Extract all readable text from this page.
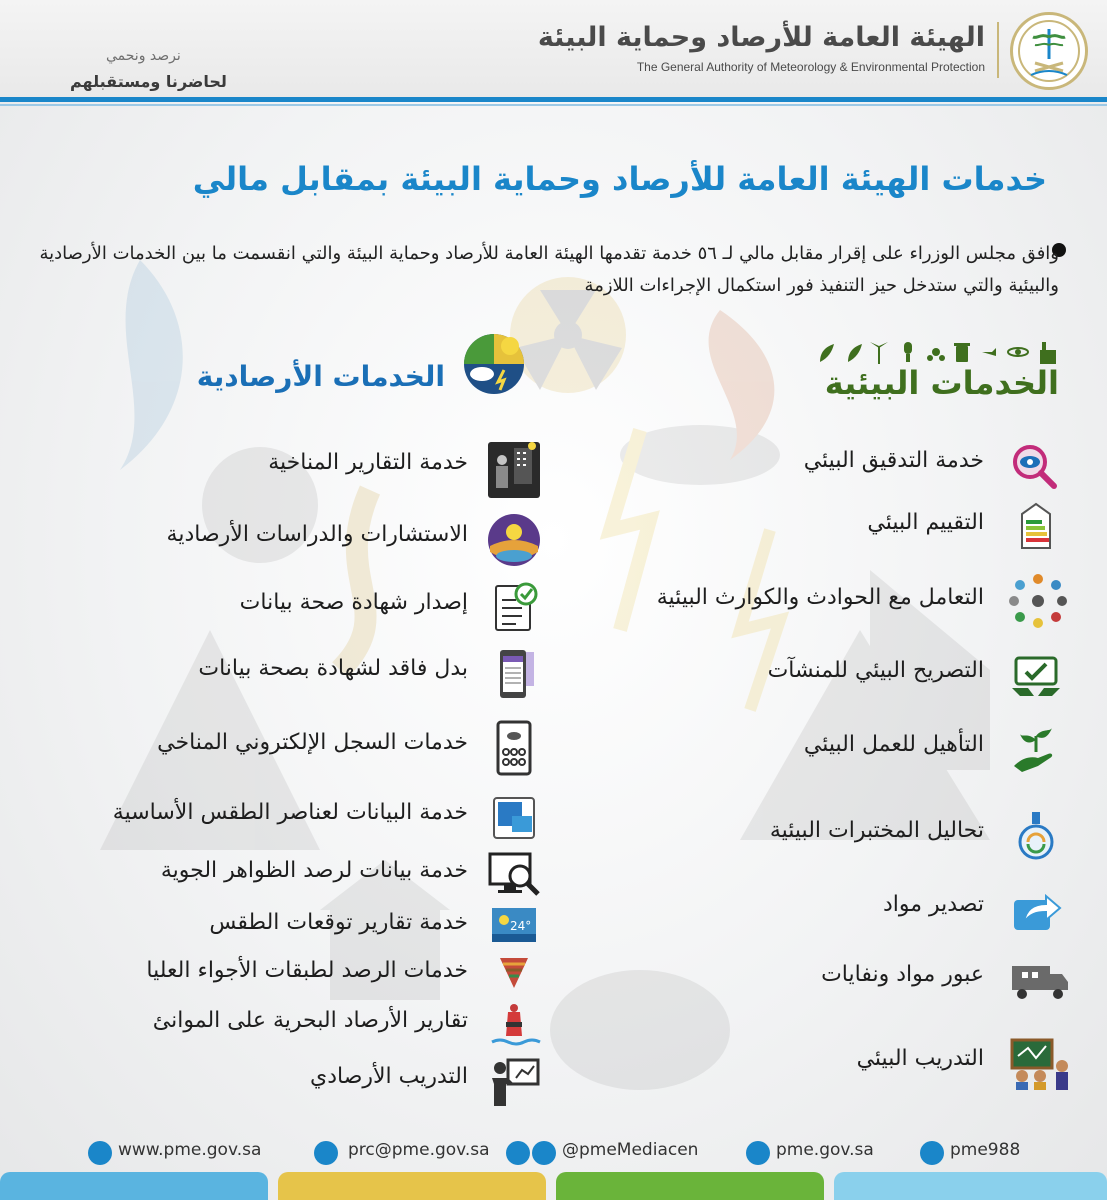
الهيئة العامة للأرصاد وحماية البيئة
The General Authority of Meteorology & Environmental Protection
نرصد ونحمي
لحاضرنا ومستقبلهم
خدمات الهيئة العامة للأرصاد وحماية البيئة بمقابل مالي
وافق مجلس الوزراء على إقرار مقابل مالي لـ ٥٦ خدمة تقدمها الهيئة العامة للأرصاد وحماية البيئة والتي انقسمت ما بين الخدمات الأرصادية والبيئية والتي ستدخل حيز التنفيذ فور استكمال الإجراءات اللازمة
الخدمات البيئية
الخدمات الأرصادية
خدمة التدقيق البيئي
التقييم البيئي
التعامل مع الحوادث والكوارث البيئية
التصريح البيئي للمنشآت
التأهيل للعمل البيئي
تحاليل المختبرات البيئية
تصدير مواد
عبور مواد ونفايات
التدريب البيئي
خدمة التقارير المناخية
الاستشارات والدراسات الأرصادية
إصدار شهادة صحة بيانات
بدل فاقد لشهادة بصحة بيانات
خدمات السجل الإلكتروني المناخي
خدمة البيانات لعناصر الطقس الأساسية
خدمة بيانات لرصد الظواهر الجوية
24°
خدمة تقارير توقعات الطقس
خدمات الرصد لطبقات الأجواء العليا
تقارير الأرصاد البحرية على الموانئ
التدريب الأرصادي
www.pme.gov.sa	prc@pme.gov.sa	@pmeMediacen	pme.gov.sa	pme988
